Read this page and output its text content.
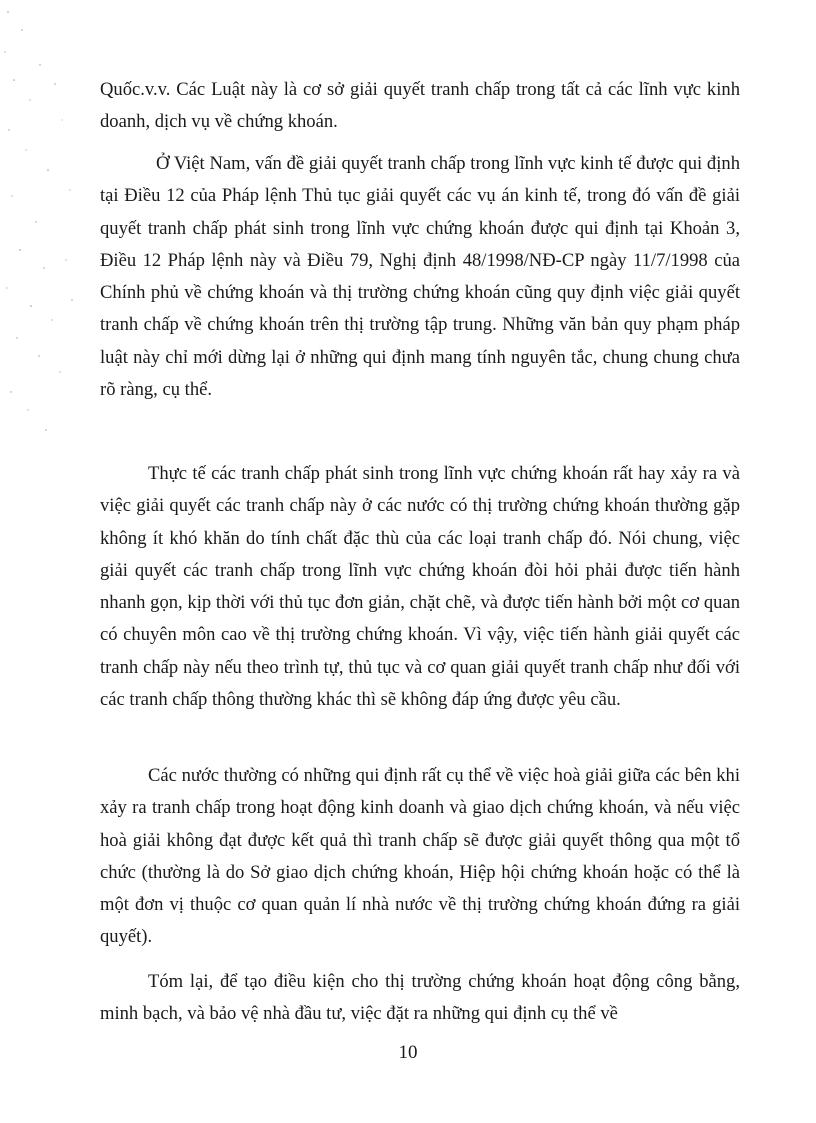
Quốc.v.v. Các Luật này là cơ sở giải quyết tranh chấp trong tất cả các lĩnh vực kinh doanh, dịch vụ về chứng khoán.

Ở Việt Nam, vấn đề giải quyết tranh chấp trong lĩnh vực kinh tế được qui định tại Điều 12 của Pháp lệnh Thủ tục giải quyết các vụ án kinh tế, trong đó vấn đề giải quyết tranh chấp phát sinh trong lĩnh vực chứng khoán được qui định tại Khoản 3, Điều 12 Pháp lệnh này và Điều 79, Nghị định 48/1998/NĐ-CP ngày 11/7/1998 của Chính phủ về chứng khoán và thị trường chứng khoán cũng quy định việc giải quyết tranh chấp về chứng khoán trên thị trường tập trung. Những văn bản quy phạm pháp luật này chỉ mới dừng lại ở những qui định mang tính nguyên tắc, chung chung chưa rõ ràng, cụ thể.

Thực tế các tranh chấp phát sinh trong lĩnh vực chứng khoán rất hay xảy ra và việc giải quyết các tranh chấp này ở các nước có thị trường chứng khoán thường gặp không ít khó khăn do tính chất đặc thù của các loại tranh chấp đó. Nói chung, việc giải quyết các tranh chấp trong lĩnh vực chứng khoán đòi hỏi phải được tiến hành nhanh gọn, kịp thời với thủ tục đơn giản, chặt chẽ, và được tiến hành bởi một cơ quan có chuyên môn cao về thị trường chứng khoán. Vì vậy, việc tiến hành giải quyết các tranh chấp này nếu theo trình tự, thủ tục và cơ quan giải quyết tranh chấp như đối với các tranh chấp thông thường khác thì sẽ không đáp ứng được yêu cầu.

Các nước thường có những qui định rất cụ thể về việc hoà giải giữa các bên khi xảy ra tranh chấp trong hoạt động kinh doanh và giao dịch chứng khoán, và nếu việc hoà giải không đạt được kết quả thì tranh chấp sẽ được giải quyết thông qua một tổ chức (thường là do Sở giao dịch chứng khoán, Hiệp hội chứng khoán hoặc có thể là một đơn vị thuộc cơ quan quản lí nhà nước về thị trường chứng khoán đứng ra giải quyết).

Tóm lại, để tạo điều kiện cho thị trường chứng khoán hoạt động công bằng, minh bạch, và bảo vệ nhà đầu tư, việc đặt ra những qui định cụ thể về

10
